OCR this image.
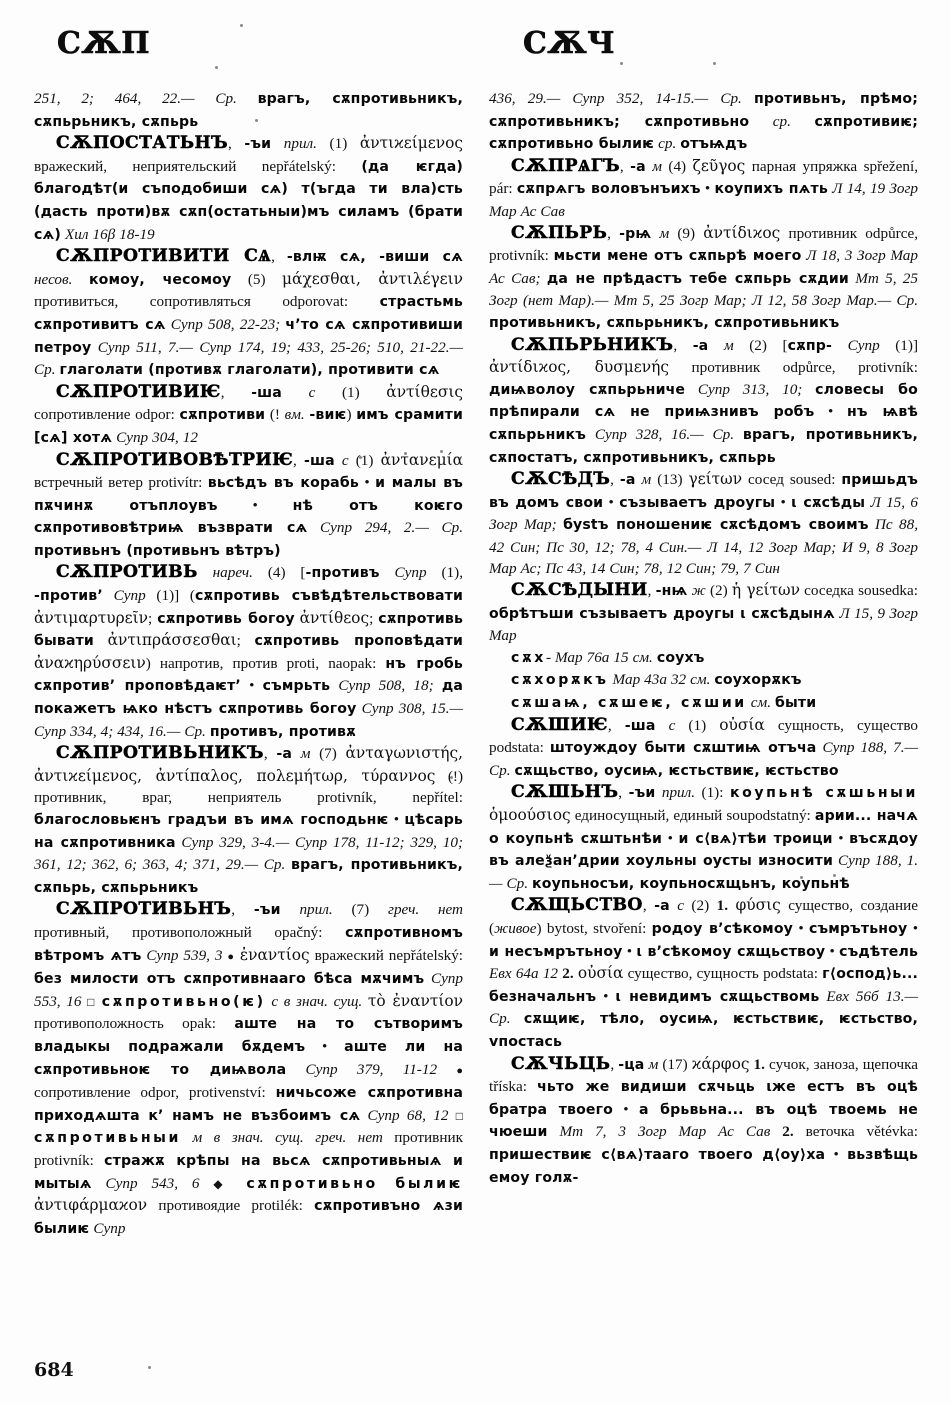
СѪП	СѪЧ

251, 2; 464, 22.— Ср. врагъ, сѫпротивьникъ, сѫпьрьникъ, сѫпьрь

СѪПОСТАТЬНЪ, -ъи прил. (1) ἀντιϰείμενος вражеский, неприятельский nepřátelský: (да ѥгда) благодѣт(и съподобиши сѧ) т(ъгда ти вла)сть (дасть проти)вѫ сѫп(остатьныи)мъ силамъ (брати сѧ) Хил 16β 18-19

СѪПРОТИВИТИ СѦ, -влѭ сѧ, -виши сѧ несов. комоу, чесомоу (5) μάχεσθαι, ἀντιλέγειν противиться, сопротивляться odporovat: страстьмь сѫпротивитъ сѧ Супр 508, 22-23; ч’то сѧ сѫпротивиши петроу Супр 511, 7.— Супр 174, 19; 433, 25-26; 510, 21-22.— Ср. глаголати (противѫ глаголати), противити сѧ

СѪПРОТИВИѤ, -ша с (1) ἀντίθεσις сопротивление odpor: сѫпротиви (! вм. -виѥ) имъ срамити [сѧ] хотѧ Супр 304, 12

СѪПРОТИВОВѢТРИѤ, -ша с (1) ἀντανεμία встречный ветер protivítr: вьсѣдъ въ корабь • и малы въ пѫчинѫ отъплоувъ • нѣ отъ коѥго сѫпротивовѣтриѩ възврати сѧ Супр 294, 2.— Ср. противьнъ (противьнъ вѣтръ)

СѪПРОТИВЬ нареч. (4) [-противъ Супр (1), -против’ Супр (1)] (сѫпротивь съвѣдѣтельствовати ἀντιμαρτυρεῖν; сѫпротивь богоу ἀντίθεος; сѫпротивь бывати ἀντιπράσσεσθαι; сѫпротивь проповѣдати ἀναϰηρύσσειν) напротив, против proti, naopak: нъ гробь сѫпротив’ проповѣдаѥт’ • съмрьть Супр 508, 18; да покажетъ ѩко нѣстъ сѫпротивь богоу Супр 308, 15.— Супр 334, 4; 434, 16.— Ср. противъ, противѫ

СѪПРОТИВЬНИКЪ, -а м (7) ἀνταγωνιστής, ἀντιϰείμενος, ἀντίπαλος, πολεμήτωρ, τύραννος (!) противник, враг, неприятель protivník, nepřítel: благословьѥнъ градъи въ имѧ господьнѥ • цѣсарь на сѫпротивника Супр 329, 3-4.— Супр 178, 11-12; 329, 10; 361, 12; 362, 6; 363, 4; 371, 29.— Ср. врагъ, противьникъ, сѫпьрь, сѫпьрьникъ

СѪПРОТИВЬНЪ, -ъи прил. (7) греч. нет противный, противоположный opačný: сѫпротивномъ вѣтромъ ѧтъ Супр 539, 3 ● ἐναντίος вражеский nepřátelský: без милости отъ сѫпротивнааго бѣса мѫчимъ Супр 553, 16 □ сѫпротивьно(ѥ) с в знач. сущ. τὸ ἐναντίον противоположность opak: аште на то сътворимъ владыкы подражали бѫдемъ • аште ли на сѫпротивьноѥ то диѩвола Супр 379, 11-12 ● сопротивление odpor, protivenství: ничьсоже сѫпротивна приходѧшта к’ намъ не възбоимъ сѧ Супр 68, 12 □ сѫпротивьныи м в знач. сущ. греч. нет противник protivník: стражѫ крѣпы на вьсѧ сѫпротивьныѧ и мытыѧ Супр 543, 6 ◆	сѫпротивьно былиѥ ἀντιφάρμαϰον противоядие protilék: сѫпротивъно ѧзи былиѥ Супр

436, 29.— Супр 352, 14-15.— Ср. противьнъ, прѣмо; сѫпротивьникъ; сѫпротивьно ср. сѫпротивиѥ; сѫпротивьно былиѥ ср. отъѩдъ

СѪПРѦГЪ, -а м (4) ζεῦγος парная упряжка spřežení, pár: сѫпрѧгъ воловънъихъ • коупихъ пѧть Л 14, 19 Зогр Мар Ас Сав

СѪПЬРЬ, -рѩ м (9) ἀντίδιϰος противник odpůrce, protivník: мьсти мене отъ сѫпьрѣ моего Л 18, 3 Зогр Мар Ас Сав; да не прѣдастъ тебе сѫпьрь сѫдии Мт 5, 25 Зогр (нет Мар).— Мт 5, 25 Зогр Мар; Л 12, 58 Зогр Мар.— Ср. противьникъ, сѫпьрьникъ, сѫпротивьникъ

СѪПЬРЬНИКЪ, -а м (2) [сѫпр- Супр (1)] ἀντίδιϰος, δυσμενής противник odpůrce, protivník: диѩволоу сѫпьрьниче Супр 313, 10; словесы бо прѣпирали сѧ не приѩзнивъ робъ • нъ ѩвѣ сѫпьрьникъ Супр 328, 16.— Ср. врагъ, противьникъ, сѫпостатъ, сѫпротивьникъ, сѫпьрь

СѪСѢДЪ, -а м (13) γείτων сосед soused: пришьдъ въ домъ свои • съзываетъ дроугы • ι сѫсѣды Л 15, 6 Зогр Мар; бystъ поношениѥ сѫсѣдомъ своимъ Пс 88, 42 Син; Пс 30, 12; 78, 4 Син.— Л 14, 12 Зогр Мар; И 9, 8 Зогр Мар Ас; Пс 43, 14 Син; 78, 12 Син; 79, 7 Син

СѪСѢДЫНИ, -нѩ ж (2) ἡ γείτων соседка sousedka: обрѣтъши съзываетъ дроугы ι сѫсѣдынѧ Л 15, 9 Зогр Мар

сѫх- Мар 76a 15 см. соухъ

сѫхорѫкъ Мар 43a 32 см. соухорѫкъ

сѫшаѩ, сѫшеѥ, сѫшии см. быти

СѪШИѤ, -ша с (1) οὐσία сущность, существо podstata: штоуждоу быти сѫштиѩ отъча Супр 188, 7.— Ср. сѫщьство, оусиѩ, ѥстьствиѥ, ѥстьство

СѪШЬНЪ, -ъи прил. (1): коупьнѣ сѫшьныи ὁμοούσιος единосущный, единый soupodstatný: арии... начѧ о коупьнѣ сѫштьнѣи • и с⟨вѧ⟩тѣи троици • въсѫдоу въ алеѯан’дрии хоульны оусты износити Супр 188, 1.— Ср. коупьносъи, коупьносѫщьнъ, коупьнѣ

СѪЩЬСТВО, -а с (2) 1. φύσις существо, создание (живое) bytost, stvoření: родоу в’сѣкомоу • съмрътьноу • и несъмрътьноу • ι в’сѣкомоу сѫщьствоу • съдѣтель Евх 64a 12 2. οὐσία существо, сущность podstata: г⟨оспод⟩ь... безначальнъ • ι невидимъ сѫщьствомь Евх 56б 13.— Ср. сѫщиѥ, тѣло, оусиѩ, ѥстьствиѥ, ѥстьство, vпостась

СѪЧЬЦЬ, -ца м (17) ϰάρφος 1. сучок, заноза, щепочка tříska: чьто же видиши сѫчьць ιже естъ въ оцѣ братра твоего • а брьвьна... въ оцѣ твоемь не чюеши Мт 7, 3 Зогр Мар Ас Сав 2. веточка větévka: пришествиѥ с⟨вѧ⟩тааго твоего д⟨оу⟩ха • вьзвѣщь емоу голѫ-

684
